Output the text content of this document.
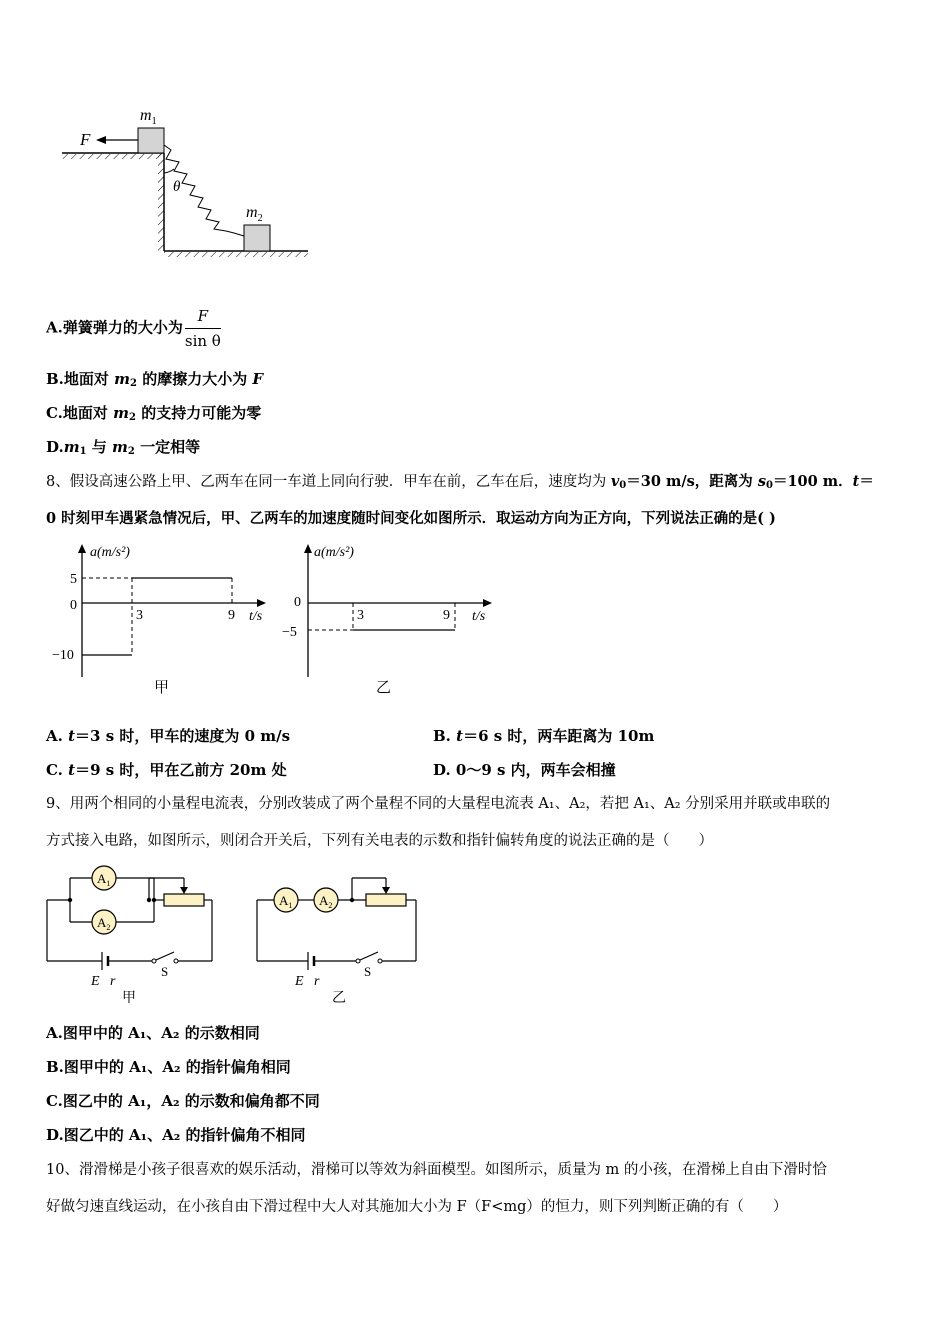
F
$m_1$
θ
$m_2$
A.弹簧弹力的大小为 $\frac{F}{\text{sin θ}}$
B.地面对 $m_2$ 的摩擦力大小为 F
C.地面对 $m_2$ 的支持力可能为零
$D.m_1$ 与 $m_2$ 一定相等
8、假设高速公路上甲、乙两车在同一车道上同向行驶．甲车在前，乙车在后，速度均为 $v_0=30$ m/s，距离为 $s_0=100$ m．t＝
0 时刻甲车遇紧急情况后，甲、乙两车的加速度随时间变化如图所示．取运动方向为正方向，下列说法正确的是( )
a(m/s²)
t/s
5
0
−10
3	9
甲
a(m/s²)
t/s
0
−5
3	9
乙
A. t＝3 s 时，甲车的速度为 0 m/s	B. t＝6 s 时，两车距离为 10m
C. t＝9 s 时，甲在乙前方 20m 处	D. 0～9 s 内，两车会相撞
9、用两个相同的小量程电流表，分别改装成了两个量程不同的大量程电流表 A₁、A₂，若把 A₁、A₂ 分别采用并联或串联的
方式接入电路，如图所示，则闭合开关后，下列有关电表的示数和指针偏转角度的说法正确的是（　　）
$A_1$
$A_2$
E r
S
甲
$A_1$ $A_2$
E r
S
乙
A.图甲中的 A₁、A₂ 的示数相同
B.图甲中的 A₁、A₂ 的指针偏角相同
C.图乙中的 A₁，A₂ 的示数和偏角都不同
D.图乙中的 A₁、A₂ 的指针偏角不相同
10、滑滑梯是小孩子很喜欢的娱乐活动，滑梯可以等效为斜面模型。如图所示，质量为 m 的小孩，在滑梯上自由下滑时恰
好做匀速直线运动，在小孩自由下滑过程中大人对其施加大小为 F（F<mg）的恒力，则下列判断正确的有（　　）
